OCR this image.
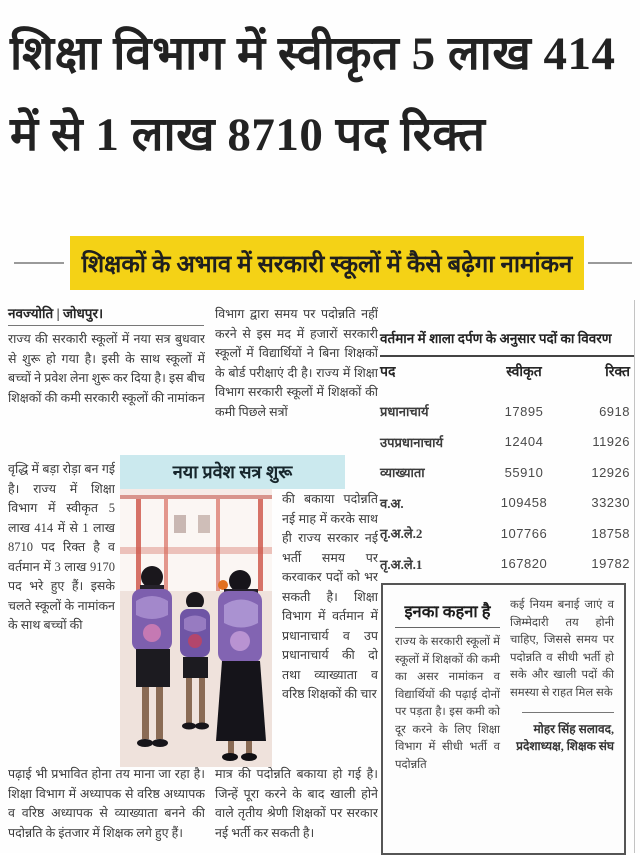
शिक्षा विभाग में स्वीकृत 5 लाख 414 में से 1 लाख 8710 पद रिक्त
शिक्षकों के अभाव में सरकारी स्कूलों में कैसे बढ़ेगा नामांकन
नवज्योति | जोधपुर।

राज्य की सरकारी स्कूलों में नया सत्र बुधवार से शुरू हो गया है। इसी के साथ स्कूलों में बच्चों ने प्रवेश लेना शुरू कर दिया है। इस बीच शिक्षकों की कमी सरकारी स्कूलों की नामांकन

वृद्धि में बड़ा रोड़ा बन गई है। राज्य में शिक्षा विभाग में स्वीकृत 5 लाख 414 में से 1 लाख 8710 पद रिक्त है व वर्तमान में 3 लाख 9170 पद भरे हुए हैं। इसके चलते स्कूलों के नामांकन के साथ बच्चों की

पढ़ाई भी प्रभावित होना तय माना जा रहा है। शिक्षा विभाग में अध्यापक से वरिष्ठ अध्यापक व वरिष्ठ अध्यापक से व्याख्याता बनने की पदोन्नति के इंतजार में शिक्षक लगे हुए हैं।

विभाग द्वारा समय पर पदोन्नति नहीं करने से इस मद में हजारों सरकारी स्कूलों में विद्यार्थियों ने बिना शिक्षकों के बोर्ड परीक्षाएं दी है। राज्य में शिक्षा विभाग सरकारी स्कूलों में शिक्षकों की कमी पिछले सत्रों

की बकाया पदोन्नति नई माह में करके साथ ही राज्य सरकार नई भर्ती समय पर करवाकर पदों को भर सकती है। शिक्षा विभाग में वर्तमान में प्रधानाचार्य व उप प्रधानाचार्य की दो तथा व्याख्याता व वरिष्ठ शिक्षकों की चार

मात्र की पदोन्नति बकाया हो गई है। जिन्हें पूरा करने के बाद खाली होने वाले तृतीय श्रेणी शिक्षकों पर सरकार नई भर्ती कर सकती है।

नया प्रवेश सत्र शुरू
वर्तमान में शाला दर्पण के अनुसार पदों का विवरण
पद	स्वीकृत	रिक्त
प्रधानाचार्य	17895	6918
उपप्रधानाचार्य	12404	11926
व्याख्याता	55910	12926
व.अ.	109458	33230
तृ.अ.ले.2	107766	18758
तृ.अ.ले.1	167820	19782
इनका कहना है
राज्य के सरकारी स्कूलों में स्कूलों में शिक्षकों की कमी का असर नामांकन व विद्यार्थियों की पढ़ाई दोनों पर पड़ता है। इस कमी को दूर करने के लिए शिक्षा विभाग में सीधी भर्ती व पदोन्नति
कई नियम बनाई जाएं व जिम्मेदारी तय होनी चाहिए, जिससे समय पर पदोन्नति व सीधी भर्ती हो सके और खाली पदों की समस्या से राहत मिल सके
मोहर सिंह सलावद,
प्रदेशाध्यक्ष, शिक्षक संघ
